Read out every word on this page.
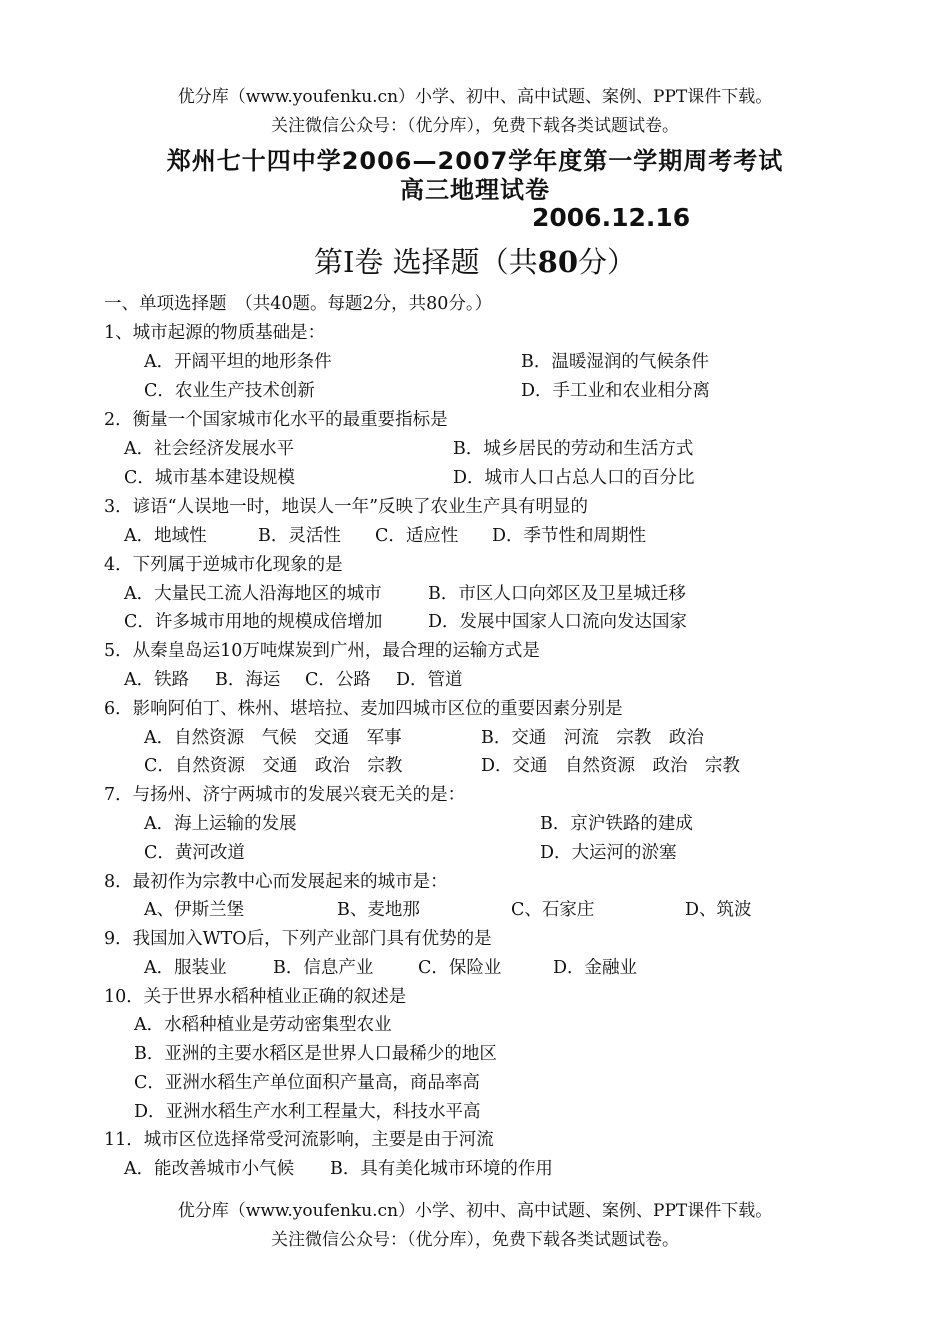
优分库（www.youfenku.cn）小学、初中、高中试题、案例、PPT课件下载。
关注微信公众号：（优分库），免费下载各类试题试卷。
郑州七十四中学2006—2007学年度第一学期周考考试
高三地理试卷
2006.12.16
第Ⅰ卷 选择题（共80分）
一、单项选择题　（共40题。每题2分，共80分。）
1、城市起源的物质基础是：
A．开阔平坦的地形条件	B．温暖湿润的气候条件
C．农业生产技术创新	D．手工业和农业相分离
2．衡量一个国家城市化水平的最重要指标是
A．社会经济发展水平	B．城乡居民的劳动和生活方式
C．城市基本建设规模	D．城市人口占总人口的百分比
3．谚语“人误地一时，地误人一年”反映了农业生产具有明显的
A．地域性	B．灵活性 C．适应性 D．季节性和周期性
4．下列属于逆城市化现象的是
A．大量民工流人沿海地区的城市	B．市区人口向郊区及卫星城迁移
C．许多城市用地的规模成倍增加	D．发展中国家人口流向发达国家
5．从秦皇岛运10万吨煤炭到广州，最合理的运输方式是
A．铁路 B．海运 C．公路 D．管道
6．影响阿伯丁、株州、堪培拉、麦加四城市区位的重要因素分别是
A．自然资源　气候　交通　军事	B．交通　河流　宗教　政治
C．自然资源　交通　政治　宗教	D．交通　自然资源　政治　宗教
7．与扬州、济宁两城市的发展兴衰无关的是：
A．海上运输的发展	B．京沪铁路的建成
C．黄河改道	D．大运河的淤塞
8．最初作为宗教中心而发展起来的城市是：
A、伊斯兰堡	B、麦地那	C、石家庄	D、筑波
9．我国加入WTO后，下列产业部门具有优势的是
A．服装业	B．信息产业	C．保险业	D．金融业
10．关于世界水稻种植业正确的叙述是
A．水稻种植业是劳动密集型农业
B．亚洲的主要水稻区是世界人口最稀少的地区
C．亚洲水稻生产单位面积产量高，商品率高
D．亚洲水稻生产水利工程量大，科技水平高
11．城市区位选择常受河流影响，主要是由于河流
A．能改善城市小气候 B．具有美化城市环境的作用
优分库（www.youfenku.cn）小学、初中、高中试题、案例、PPT课件下载。
关注微信公众号：（优分库），免费下载各类试题试卷。
